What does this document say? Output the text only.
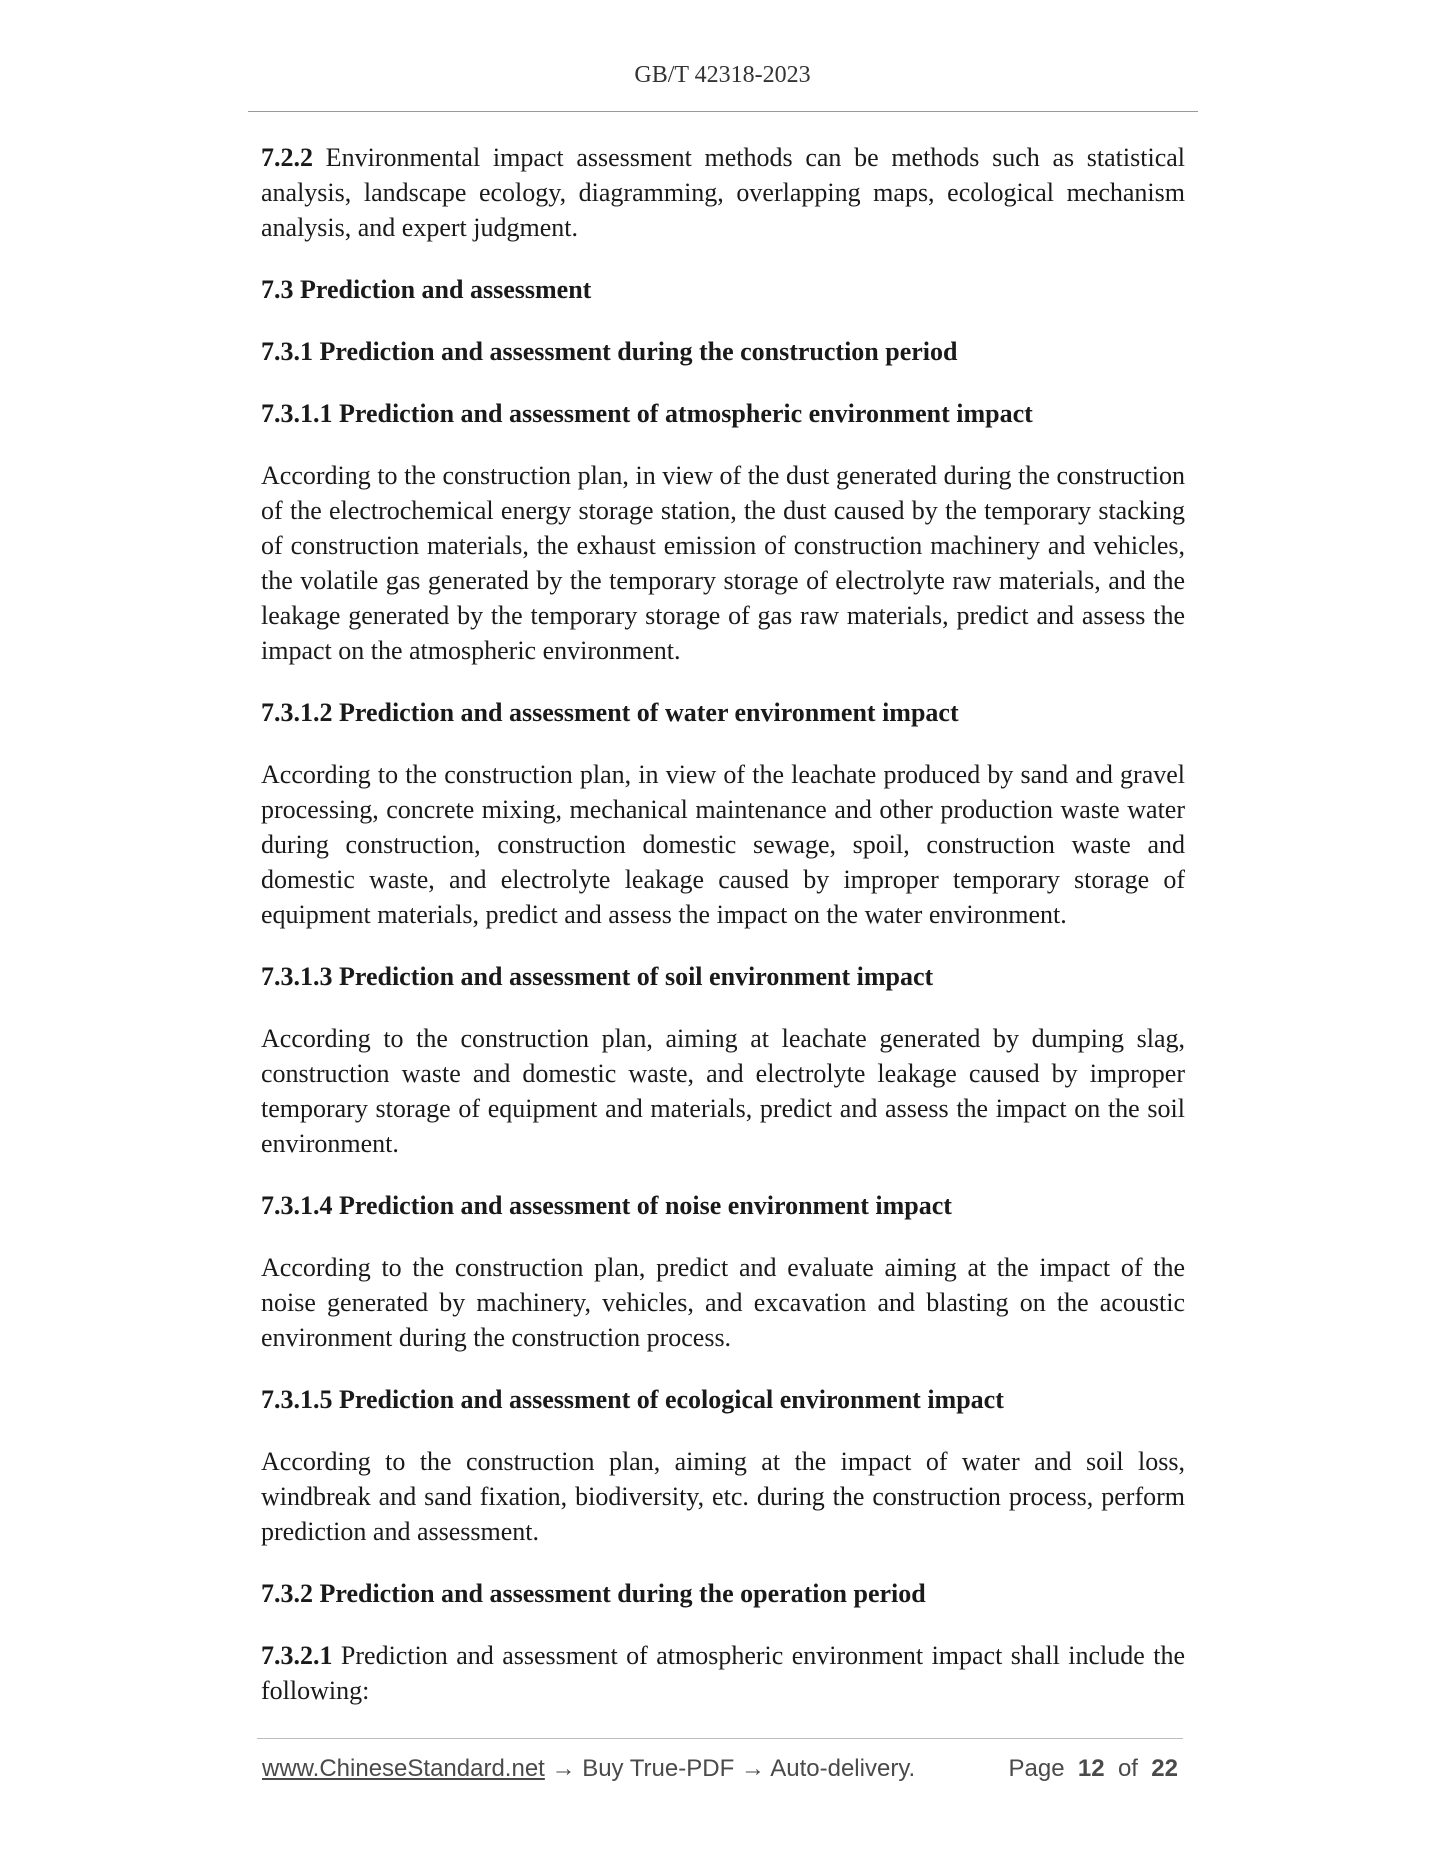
GB/T 42318-2023

7.2.2 Environmental impact assessment methods can be methods such as statistical analysis, landscape ecology, diagramming, overlapping maps, ecological mechanism analysis, and expert judgment.

7.3 Prediction and assessment

7.3.1 Prediction and assessment during the construction period

7.3.1.1 Prediction and assessment of atmospheric environment impact

According to the construction plan, in view of the dust generated during the construction of the electrochemical energy storage station, the dust caused by the temporary stacking of construction materials, the exhaust emission of construction machinery and vehicles, the volatile gas generated by the temporary storage of electrolyte raw materials, and the leakage generated by the temporary storage of gas raw materials, predict and assess the impact on the atmospheric environment.

7.3.1.2 Prediction and assessment of water environment impact

According to the construction plan, in view of the leachate produced by sand and gravel processing, concrete mixing, mechanical maintenance and other production waste water during construction, construction domestic sewage, spoil, construction waste and domestic waste, and electrolyte leakage caused by improper temporary storage of equipment materials, predict and assess the impact on the water environment.

7.3.1.3 Prediction and assessment of soil environment impact

According to the construction plan, aiming at leachate generated by dumping slag, construction waste and domestic waste, and electrolyte leakage caused by improper temporary storage of equipment and materials, predict and assess the impact on the soil environment.

7.3.1.4 Prediction and assessment of noise environment impact

According to the construction plan, predict and evaluate aiming at the impact of the noise generated by machinery, vehicles, and excavation and blasting on the acoustic environment during the construction process.

7.3.1.5 Prediction and assessment of ecological environment impact

According to the construction plan, aiming at the impact of water and soil loss, windbreak and sand fixation, biodiversity, etc. during the construction process, perform prediction and assessment.

7.3.2 Prediction and assessment during the operation period

7.3.2.1 Prediction and assessment of atmospheric environment impact shall include the following:

www.ChineseStandard.net → Buy True-PDF → Auto-delivery.	Page 12 of 22
